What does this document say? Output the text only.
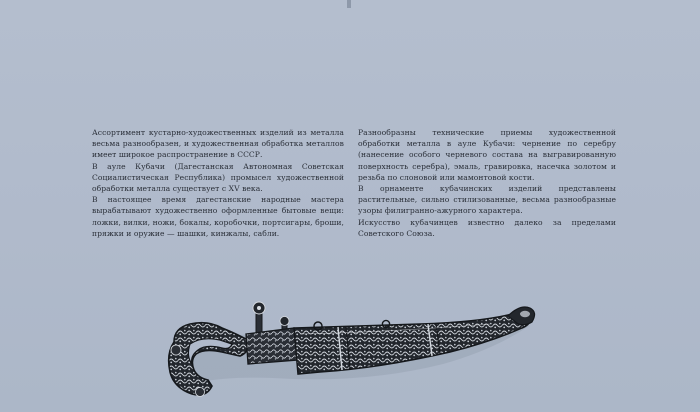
Ассортимент кустарно-художественных изделий из металла весьма разнообразен, и художественная обработка металлов имеет широкое распространение в СССР.

В ауле Кубачи (Дагестанская Автономная Советская Социалистическая Республика) промысел художественной обработки металла существует с XV века.

В настоящее время дагестанские народные мастера вырабатывают художественно оформленные бытовые вещи: ложки, вилки, ножи, бокалы, коробочки, портсигары, броши, пряжки и оружие — шашки, кинжалы, сабли.

Разнообразны технические приемы художественной обработки металла в ауле Кубачи: чернение по серебру (нанесение особого черневого состава на выгравированную поверхность серебра), эмаль, гравировка, насечка золотом и резьба по слоновой или мамонтовой кости.

В орнаменте кубачинских изделий представлены растительные, сильно стилизованные, весьма разнообразные узоры филигранно-ажурного характера.

Искусство кубачинцев известно далеко за пределами Советского Союза.
